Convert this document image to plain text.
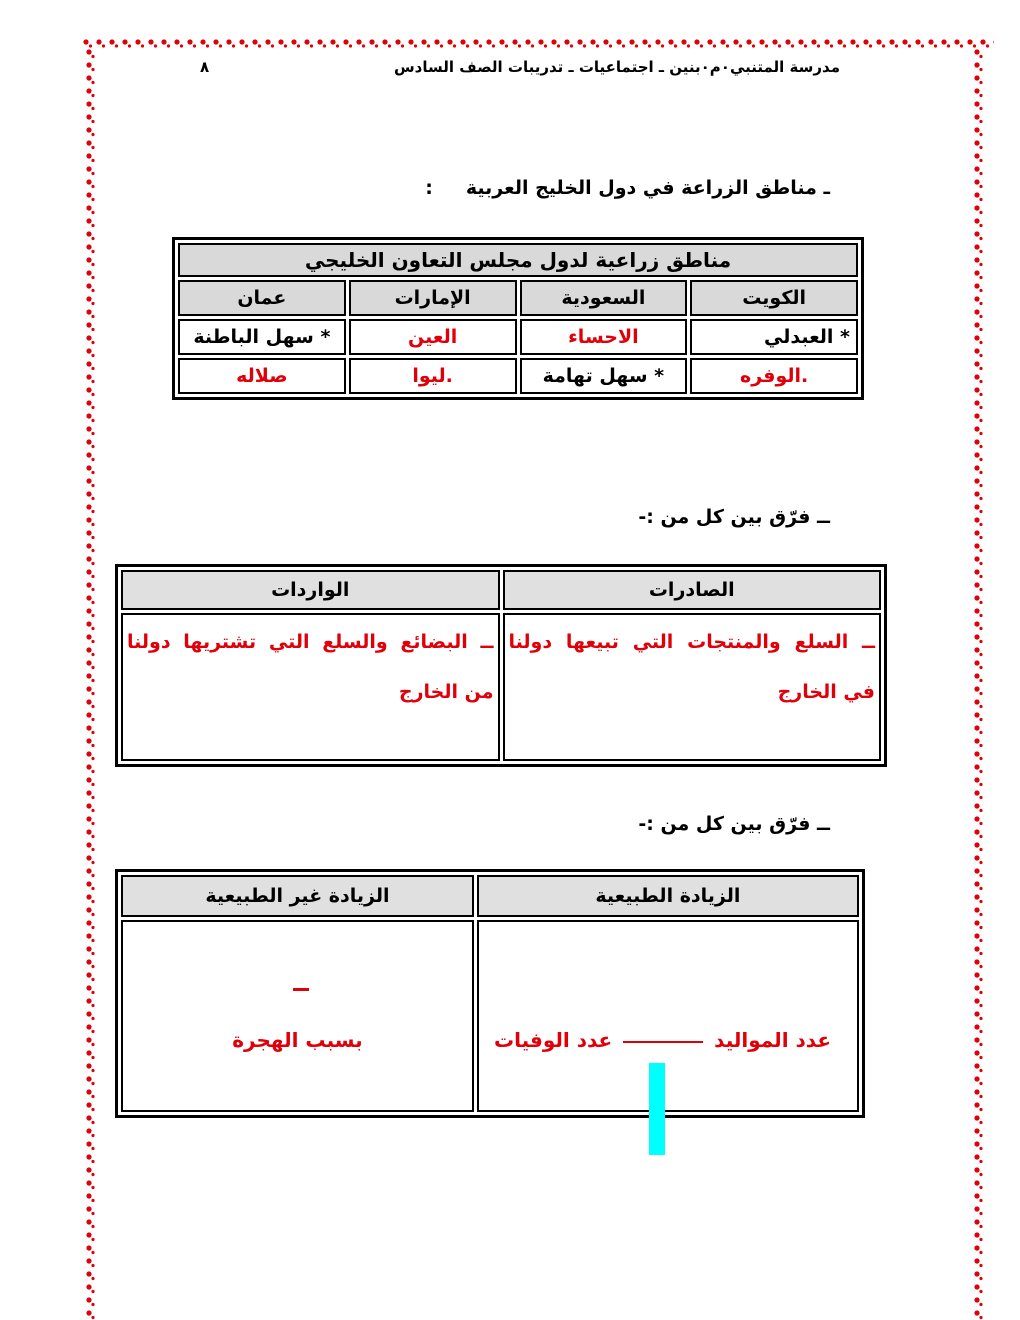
مدرسة المتنبي٠م٠بنين ـ اجتماعيات ـ تدريبات الصف السادس
٨
ـ مناطق الزراعة في دول الخليج العربية     :
مناطق زراعية لدول مجلس التعاون الخليجي			
الكويت	السعودية	الإمارات	عمان
* العبدلي	الاحساء	العين	* سهل الباطنة
.الوفره	* سهل تهامة	.ليوا	صلاله
ــ فرّق بين كل من :-
الصادرات	الواردات
ــ السلع والمنتجات التي تبيعها دولنا في الخارج	ــ البضائع والسلع التي تشتريها دولنا من الخارج
ــ فرّق بين كل من :-
الزيادة الطبيعية	الزيادة غير الطبيعية

عدد المواليد  عدد الوفيات	بسبب الهجرة
